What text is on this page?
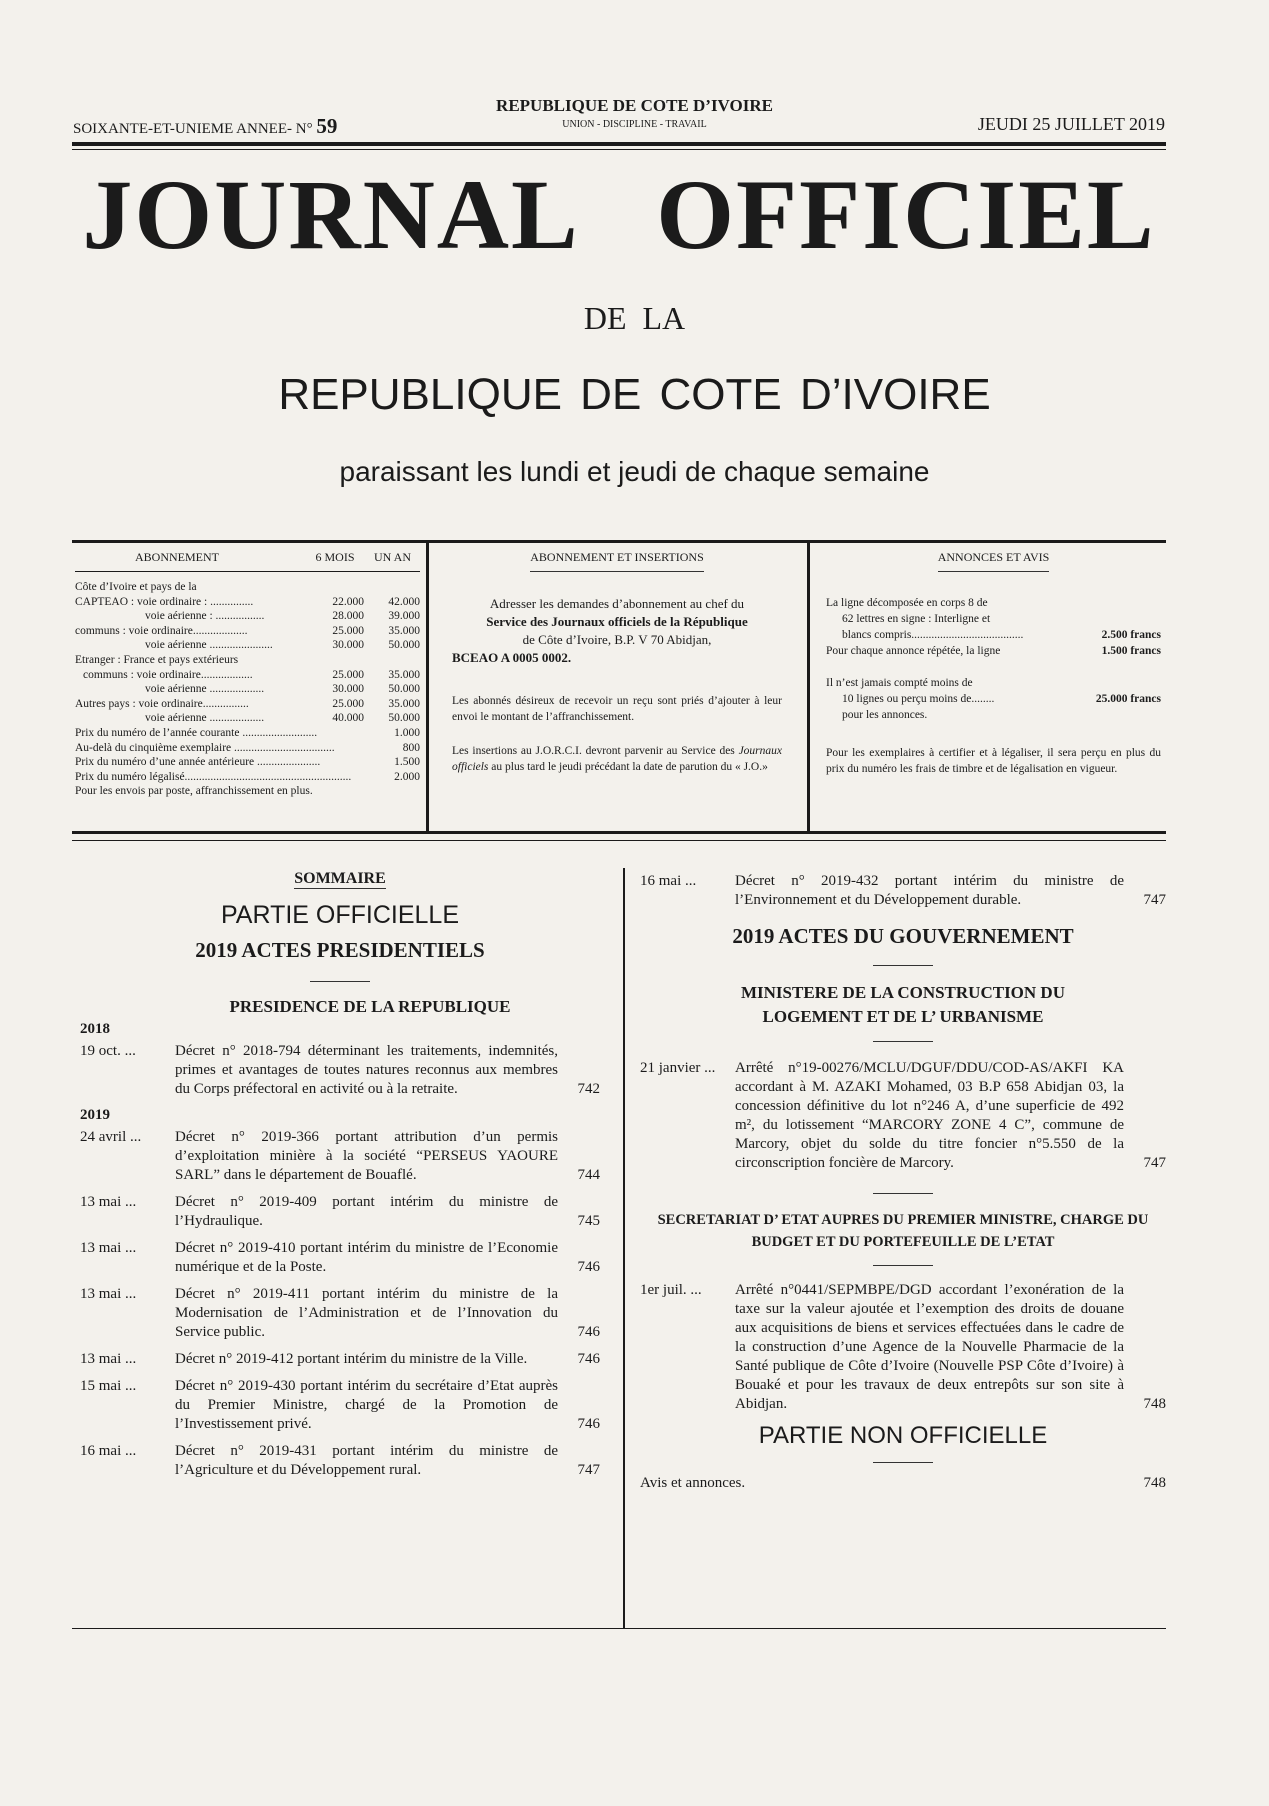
SOIXANTE-ET-UNIEME ANNEE- N° 59
REPUBLIQUE DE COTE D’IVOIRE
UNION - DISCIPLINE - TRAVAIL	JEUDI 25 JUILLET 2019
JOURNAL OFFICIEL
DE LA
REPUBLIQUE DE COTE D’IVOIRE
paraissant les lundi et jeudi de chaque semaine
ABONNEMENT	6 MOIS	UN AN
Côte d’Ivoire et pays de la		
CAPTEAO : voie ordinaire : ...............	22.000	42.000
voie aérienne : .................	28.000	39.000
communs : voie ordinaire...................	25.000	35.000
voie aérienne ......................	30.000	50.000
Etranger : France et pays extérieurs		
communs : voie ordinaire..................	25.000	35.000
voie aérienne ...................	30.000	50.000
Autres pays : voie ordinaire................	25.000	35.000
voie aérienne ...................	40.000	50.000
Prix du numéro de l’année courante ..........................	1.000
Au-delà du cinquième exemplaire ...................................	800
Prix du numéro d’une année antérieure ......................	1.500
Prix du numéro légalisé..........................................................	2.000
Pour les envois par poste, affranchissement en plus.
ABONNEMENT ET INSERTIONS
Adresser les demandes d’abonnement au chef du
Service des Journaux officiels de la République
de Côte d’Ivoire, B.P. V 70 Abidjan,
BCEAO A 0005 0002.
Les abonnés désireux de recevoir un reçu sont priés d’ajouter à leur envoi le montant de l’affranchissement.
Les insertions au J.O.R.C.I. devront parvenir au Service des Journaux officiels au plus tard le jeudi précédant la date de parution du « J.O.»
ANNONCES ET AVIS
La ligne décomposée en corps 8 de
62 lettres en signe : Interligne et
blancs compris.......................................	2.500 francs
Pour chaque annonce répétée, la ligne	1.500 francs
Il n’est jamais compté moins de
10 lignes ou perçu moins de........	25.000 francs
pour les annonces.
Pour les exemplaires à certifier et à légaliser, il sera perçu en plus du prix du numéro les frais de timbre et de légalisation en vigueur.
SOMMAIRE
PARTIE OFFICIELLE
2019 ACTES PRESIDENTIELS
PRESIDENCE DE LA REPUBLIQUE
2018
19 oct. ...	Décret n° 2018-794 déterminant les traitements, indemnités, primes et avantages de toutes natures reconnus aux membres du Corps préfectoral en activité ou à la retraite.	742
2019
24 avril ...	Décret n° 2019-366 portant attribution d’un permis d’exploitation minière à la société “PERSEUS YAOURE SARL” dans le département de Bouaflé.	744
13 mai ...	Décret n° 2019-409 portant intérim du ministre de l’Hydraulique.	745
13 mai ...	Décret n° 2019-410 portant intérim du ministre de l’Economie numérique et de la Poste.	746
13 mai ...	Décret n° 2019-411 portant intérim du ministre de la Modernisation de l’Administration et de l’Innovation du Service public.	746
13 mai ...	Décret n° 2019-412 portant intérim du ministre de la Ville.	746
15 mai ...	Décret n° 2019-430 portant intérim du secrétaire d’Etat auprès du Premier Ministre, chargé de la Promotion de l’Investissement privé.	746
16 mai ...	Décret n° 2019-431 portant intérim du ministre de l’Agriculture et du Développement rural.	747
16 mai ...	Décret n° 2019-432 portant intérim du ministre de l’Environnement et du Développement durable.	747
2019 ACTES DU GOUVERNEMENT
MINISTERE DE LA CONSTRUCTION DU LOGEMENT ET DE L’ URBANISME
21 janvier ...	Arrêté n°19-00276/MCLU/DGUF/DDU/COD-AS/AKFI KA accordant à M. AZAKI Mohamed, 03 B.P 658 Abidjan 03, la concession définitive du lot n°246 A, d’une superficie de 492 m², du lotissement “MARCORY ZONE 4 C”, commune de Marcory, objet du solde du titre foncier n°5.550 de la circonscription foncière de Marcory.	747
SECRETARIAT D’ ETAT AUPRES DU PREMIER MINISTRE, CHARGE DU BUDGET ET DU PORTEFEUILLE DE L’ETAT
1er juil. ...	Arrêté n°0441/SEPMBPE/DGD accordant l’exonération de la taxe sur la valeur ajoutée et l’exemption des droits de douane aux acquisitions de biens et services effectuées dans le cadre de la construction d’une Agence de la Nouvelle Pharmacie de la Santé publique de Côte d’Ivoire (Nouvelle PSP Côte d’Ivoire) à Bouaké et pour les travaux de deux entrepôts sur son site à Abidjan.	748
PARTIE NON OFFICIELLE
Avis et annonces.	748
